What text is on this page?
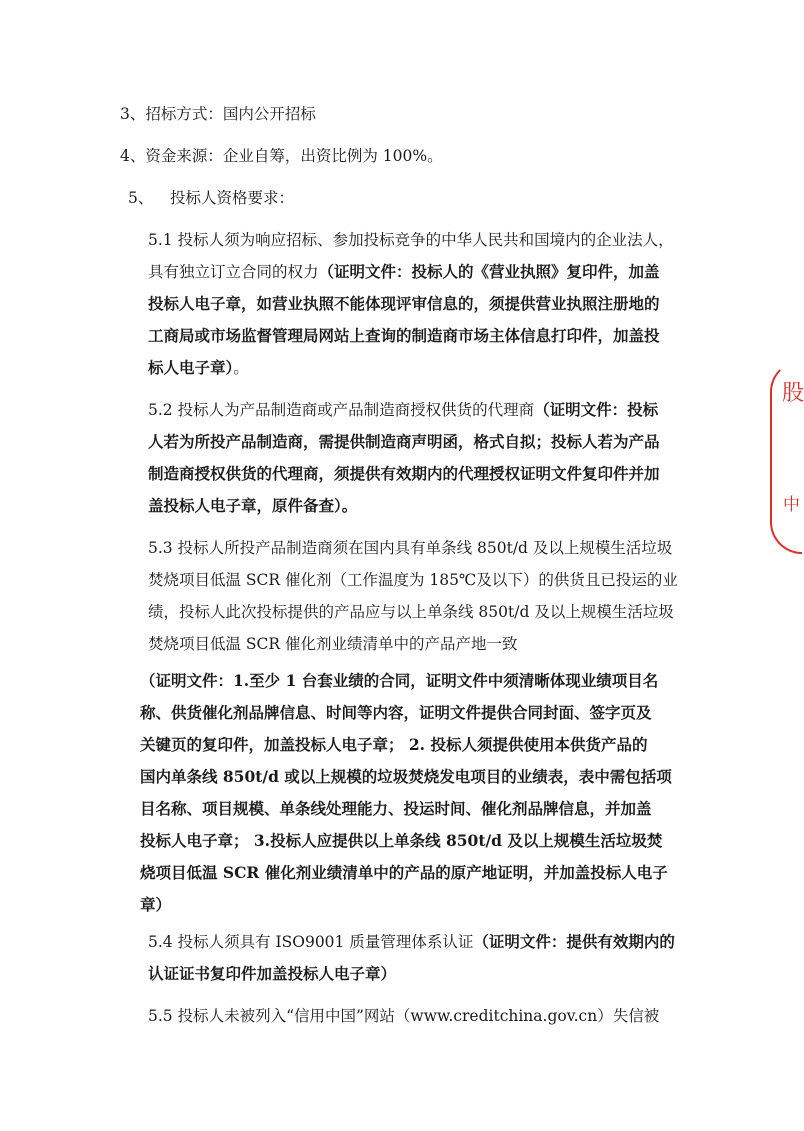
3、招标方式：国内公开招标
4、资金来源：企业自筹，出资比例为 100%。
5、 投标人资格要求：
5.1 投标人须为响应招标、参加投标竞争的中华人民共和国境内的企业法人，
具有独立订立合同的权力（证明文件：投标人的《营业执照》复印件，加盖
投标人电子章，如营业执照不能体现评审信息的，须提供营业执照注册地的
工商局或市场监督管理局网站上查询的制造商市场主体信息打印件，加盖投
标人电子章）。
5.2 投标人为产品制造商或产品制造商授权供货的代理商（证明文件：投标
人若为所投产品制造商，需提供制造商声明函，格式自拟；投标人若为产品
制造商授权供货的代理商，须提供有效期内的代理授权证明文件复印件并加
盖投标人电子章，原件备查）。
5.3 投标人所投产品制造商须在国内具有单条线 850t/d 及以上规模生活垃圾
焚烧项目低温 SCR 催化剂（工作温度为 185℃及以下）的供货且已投运的业
绩，投标人此次投标提供的产品应与以上单条线 850t/d 及以上规模生活垃圾
焚烧项目低温 SCR 催化剂业绩清单中的产品产地一致
（证明文件：1.至少 1 台套业绩的合同，证明文件中须清晰体现业绩项目名
称、供货催化剂品牌信息、时间等内容，证明文件提供合同封面、签字页及
关键页的复印件，加盖投标人电子章； 2. 投标人须提供使用本供货产品的
国内单条线 850t/d 或以上规模的垃圾焚烧发电项目的业绩表，表中需包括项
目名称、项目规模、单条线处理能力、投运时间、催化剂品牌信息，并加盖
投标人电子章； 3.投标人应提供以上单条线 850t/d 及以上规模生活垃圾焚
烧项目低温 SCR 催化剂业绩清单中的产品的原产地证明，并加盖投标人电子
章）
5.4 投标人须具有 ISO9001 质量管理体系认证（证明文件：提供有效期内的
认证证书复印件加盖投标人电子章）
5.5 投标人未被列入“信用中国”网站（www.creditchina.gov.cn）失信被
股
中
